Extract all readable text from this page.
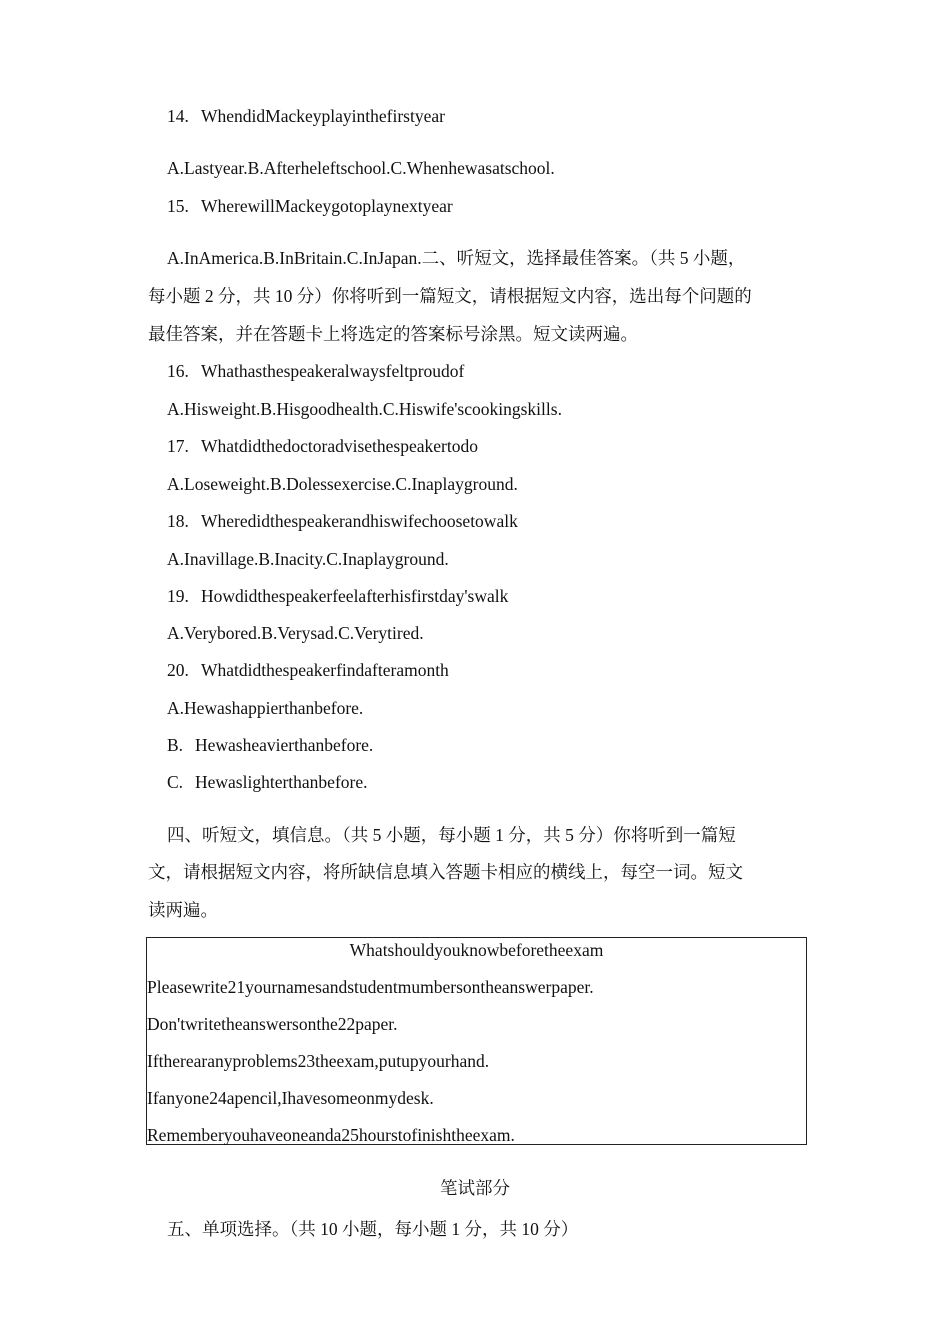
14. WhendidMackeyplayinthefirstyear
A.Lastyear.B.Afterheleftschool.C.Whenhewasatschool.
15. WherewillMackeygotoplaynextyear
A.InAmerica.B.InBritain.C.InJapan.二、听短文，选择最佳答案。（共 5 小题，
每小题 2 分，共 10 分）你将听到一篇短文，请根据短文内容，选出每个问题的
最佳答案，并在答题卡上将选定的答案标号涂黑。短文读两遍。
16. Whathasthespeakeralwaysfeltproudof
A.Hisweight.B.Hisgoodhealth.C.Hiswife'scookingskills.
17. Whatdidthedoctoradvisethespeakertodo
A.Loseweight.B.Dolessexercise.C.Inaplayground.
18. Wheredidthespeakerandhiswifechoosetowalk
A.Inavillage.B.Inacity.C.Inaplayground.
19. Howdidthespeakerfeelafterhisfirstday'swalk
A.Verybored.B.Verysad.C.Verytired.
20. Whatdidthespeakerfindafteramonth
A.Hewashappierthanbefore.
B. Hewasheavierthanbefore.
C. Hewaslighterthanbefore.
四、听短文，填信息。（共 5 小题，每小题 1 分，共 5 分）你将听到一篇短
文，请根据短文内容，将所缺信息填入答题卡相应的横线上，每空一词。短文
读两遍。
Whatshouldyouknowbeforetheexam
Pleasewrite21yournamesandstudentmumbersontheanswerpaper.
Don'twritetheanswersonthe22paper.
Iftherearanyproblems23theexam,putupyourhand.
Ifanyone24apencil,Ihavesomeonmydesk.
Rememberyouhaveoneanda25hourstofinishtheexam.
笔试部分
五、单项选择。（共 10 小题，每小题 1 分，共 10 分）
